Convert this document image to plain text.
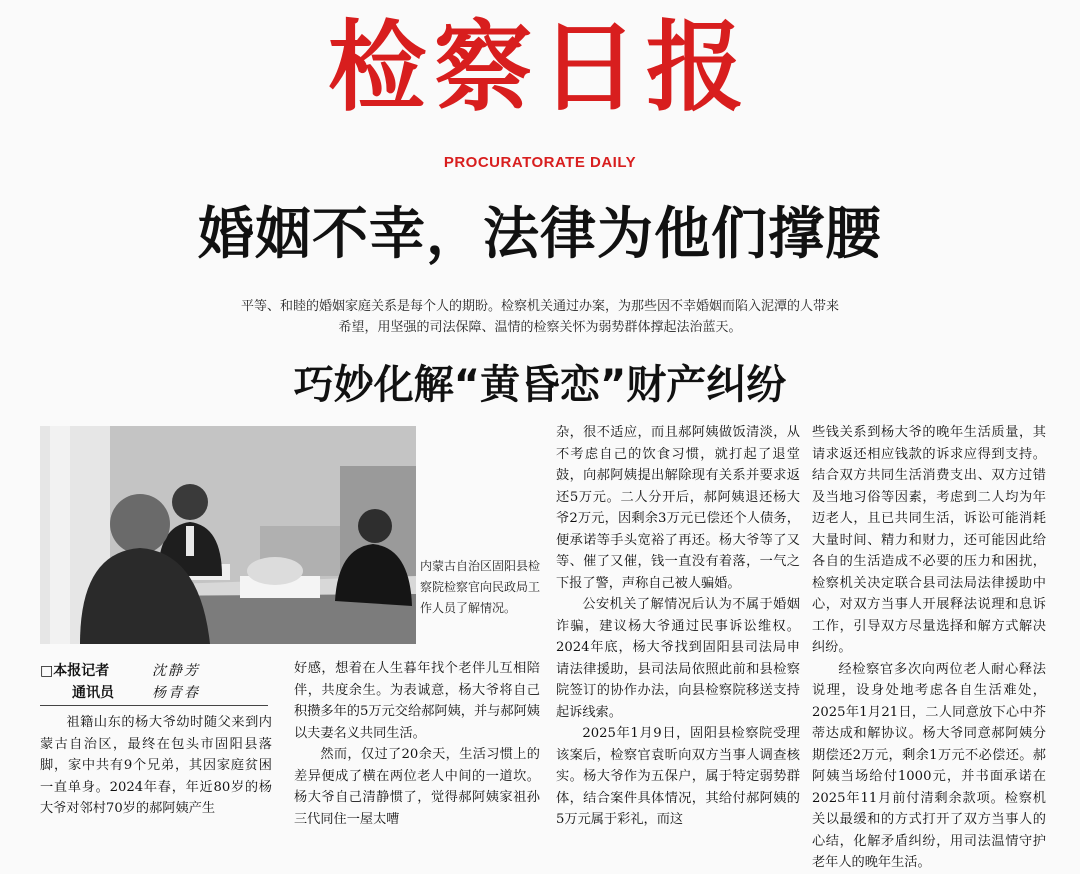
检察日报
PROCURATORATE DAILY
婚姻不幸，法律为他们撑腰
平等、和睦的婚姻家庭关系是每个人的期盼。检察机关通过办案，为那些因不幸婚姻而陷入泥潭的人带来
希望，用坚强的司法保障、温情的检察关怀为弱势群体撑起法治蓝天。
巧妙化解“黄昏恋”财产纠纷
内蒙古自治区固阳县检察院检察官向民政局工作人员了解情况。
□本报记者	沈静芳
通讯员	杨青春

祖籍山东的杨大爷幼时随父来到内蒙古自治区，最终在包头市固阳县落脚，家中共有9个兄弟，其因家庭贫困一直单身。2024年春，年近80岁的杨大爷对邻村70岁的郝阿姨产生

好感，想着在人生暮年找个老伴儿互相陪伴，共度余生。为表诚意，杨大爷将自己积攒多年的5万元交给郝阿姨，并与郝阿姨以夫妻名义共同生活。

然而，仅过了20余天，生活习惯上的差异便成了横在两位老人中间的一道坎。杨大爷自己清静惯了，觉得郝阿姨家祖孙三代同住一屋太嘈

杂，很不适应，而且郝阿姨做饭清淡，从不考虑自己的饮食习惯，就打起了退堂鼓，向郝阿姨提出解除现有关系并要求返还5万元。二人分开后，郝阿姨退还杨大爷2万元，因剩余3万元已偿还个人债务，便承诺等手头宽裕了再还。杨大爷等了又等、催了又催，钱一直没有着落，一气之下报了警，声称自己被人骗婚。

公安机关了解情况后认为不属于婚姻诈骗，建议杨大爷通过民事诉讼维权。2024年底，杨大爷找到固阳县司法局申请法律援助，县司法局依照此前和县检察院签订的协作办法，向县检察院移送支持起诉线索。

2025年1月9日，固阳县检察院受理该案后，检察官袁昕向双方当事人调查核实。杨大爷作为五保户，属于特定弱势群体，结合案件具体情况，其给付郝阿姨的5万元属于彩礼，而这

些钱关系到杨大爷的晚年生活质量，其请求返还相应钱款的诉求应得到支持。结合双方共同生活消费支出、双方过错及当地习俗等因素，考虑到二人均为年迈老人，且已共同生活，诉讼可能消耗大量时间、精力和财力，还可能因此给各自的生活造成不必要的压力和困扰，检察机关决定联合县司法局法律援助中心，对双方当事人开展释法说理和息诉工作，引导双方尽量选择和解方式解决纠纷。

经检察官多次向两位老人耐心释法说理，设身处地考虑各自生活难处，2025年1月21日，二人同意放下心中芥蒂达成和解协议。杨大爷同意郝阿姨分期偿还2万元，剩余1万元不必偿还。郝阿姨当场给付1000元，并书面承诺在2025年11月前付清剩余款项。检察机关以最缓和的方式打开了双方当事人的心结，化解矛盾纠纷，用司法温情守护老年人的晚年生活。
